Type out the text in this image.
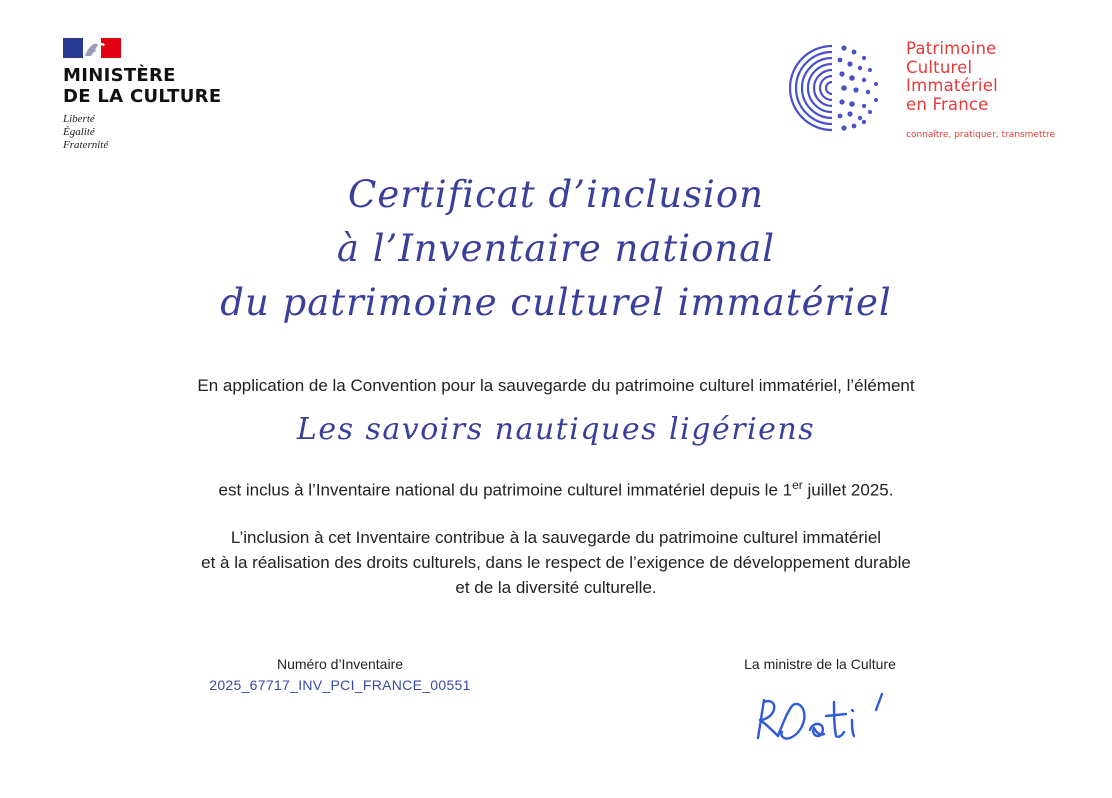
MINISTÈRE
DE LA CULTURE
Liberté
Égalité
Fraternité
Patrimoine
Culturel
Immatériel
en France
connaître, pratiquer, transmettre
Certificat d’inclusion
à l’Inventaire national
du patrimoine culturel immatériel
En application de la Convention pour la sauvegarde du patrimoine culturel immatériel, l’élément
Les savoirs nautiques ligériens
est inclus à l’Inventaire national du patrimoine culturel immatériel depuis le 1er juillet 2025.
L’inclusion à cet Inventaire contribue à la sauvegarde du patrimoine culturel immatériel
et à la réalisation des droits culturels, dans le respect de l’exigence de développement durable
et de la diversité culturelle.
Numéro d’Inventaire
2025_67717_INV_PCI_FRANCE_00551
La ministre de la Culture
